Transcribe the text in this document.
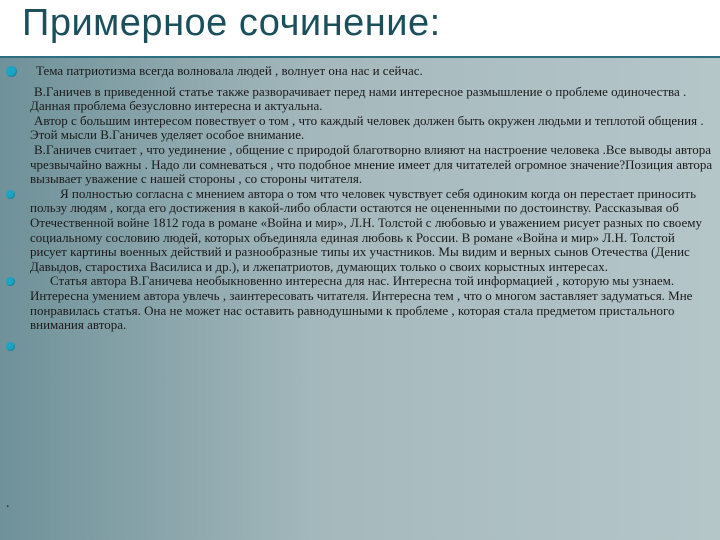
Примерное сочинение:
Тема патриотизма всегда волновала людей , волнует она нас и сейчас.
В.Ганичев в приведенной статье также разворачивает перед нами интересное размышление о проблеме одиночества . Данная проблема безусловно интересна и актуальна.
Автор с большим интересом повествует о том , что каждый человек должен быть окружен людьми и теплотой общения . Этой мысли В.Ганичев уделяет особое внимание.
В.Ганичев считает , что уединение , общение с природой благотворно влияют на настроение человека .Все выводы автора чрезвычайно важны . Надо ли сомневаться , что подобное мнение имеет для читателей огромное значение?Позиция автора вызывает уважение с нашей стороны , со стороны читателя.
Я полностью согласна с мнением автора о том что человек чувствует себя одиноким когда он перестает приносить пользу людям , когда его достижения в какой-либо области остаются не оцененными по достоинству. Рассказывая об Отечественной войне 1812 года в романе «Война и мир», Л.Н. Толстой с любовью и уважением рисует разных по своему социальному сословию людей, которых объединяла единая любовь к России. В романе «Война и мир» Л.Н. Толстой рисует картины военных действий и разнообразные типы их участников. Мы видим и верных сынов Отечества (Денис Давыдов, старостиха Василиса и др.), и лжепатриотов, думающих только о своих корыстных интересах.
Статья автора В.Ганичева необыкновенно интересна для нас. Интересна той информацией , которую мы узнаем. Интересна умением автора увлечь , заинтересовать читателя. Интересна тем , что о многом заставляет задуматься. Мне понравилась статья. Она не может нас оставить равнодушными к проблеме , которая стала предметом пристального внимания автора.
.
